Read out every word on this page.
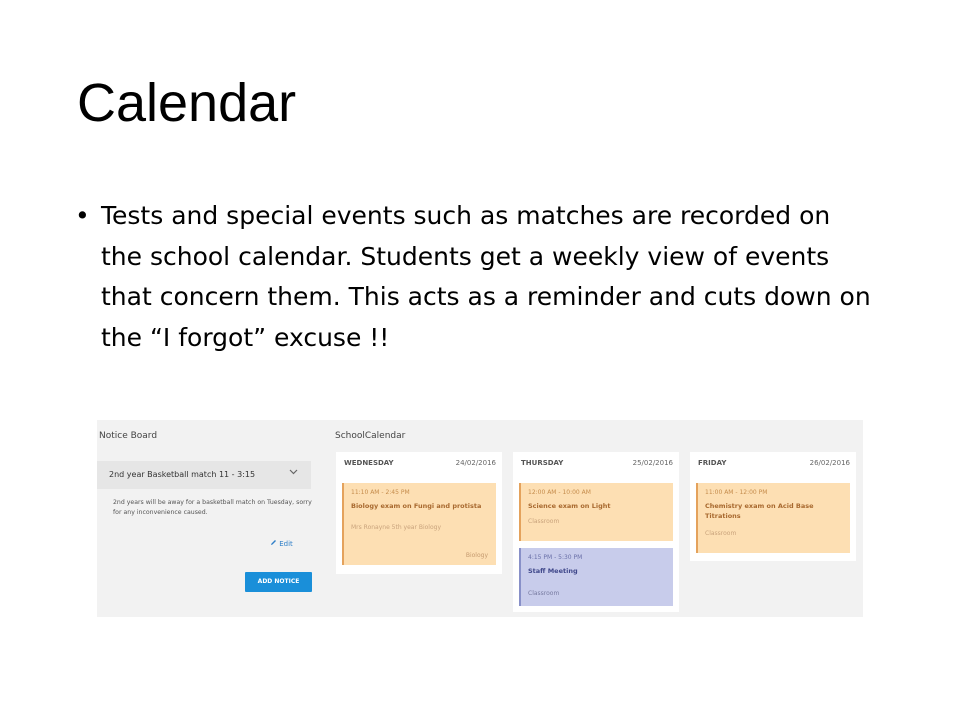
Calendar
• Tests and special events such as matches are recorded on the school calendar. Students get a weekly view of events that concern them. This acts as a reminder and cuts down on the “I forgot” excuse !!
Notice Board
2nd year Basketball match 11 - 3:15
2nd years will be away for a basketball match on Tuesday, sorry for any inconvenience caused.
Edit
ADD NOTICE
SchoolCalendar
WEDNESDAY	24/02/2016
11:10 AM - 2:45 PM
Biology exam on Fungi and protista
Mrs Ronayne 5th year Biology
Biology
THURSDAY	25/02/2016
12:00 AM - 10:00 AM
Science exam on Light
Classroom
4:15 PM - 5:30 PM
Staff Meeting
Classroom
FRIDAY	26/02/2016
11:00 AM - 12:00 PM
Chemistry exam on Acid Base Titrations
Classroom
